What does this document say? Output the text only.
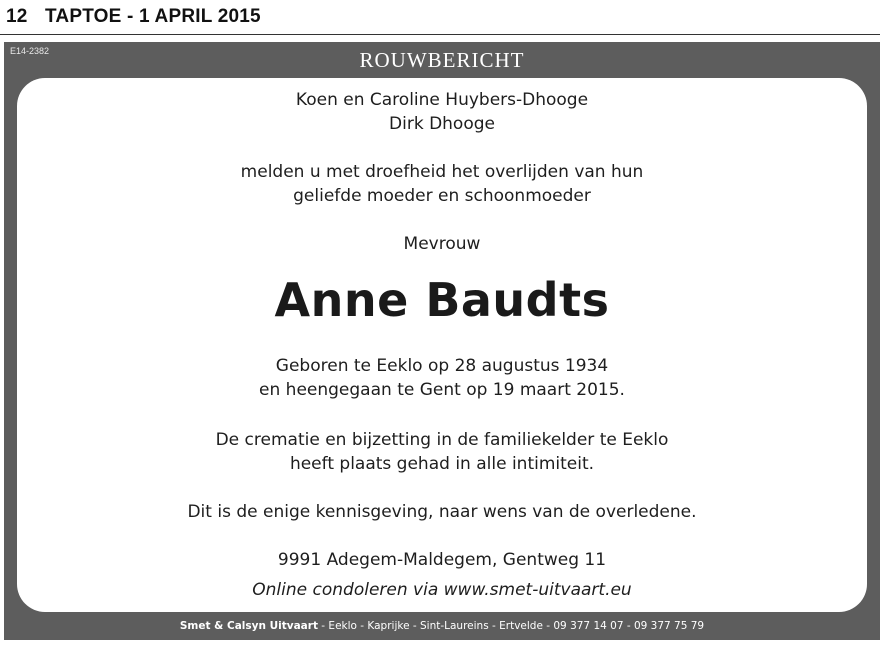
12 TAPTOE - 1 APRIL 2015
E14-2382	ROUWBERICHT
Koen en Caroline Huybers-Dhooge
Dirk Dhooge
melden u met droefheid het overlijden van hun
geliefde moeder en schoonmoeder
Mevrouw
Anne Baudts
Geboren te Eeklo op 28 augustus 1934
en heengegaan te Gent op 19 maart 2015.
De crematie en bijzetting in de familiekelder te Eeklo
heeft plaats gehad in alle intimiteit.
Dit is de enige kennisgeving, naar wens van de overledene.
9991 Adegem-Maldegem, Gentweg 11
Online condoleren via www.smet-uitvaart.eu
Smet & Calsyn Uitvaart - Eeklo - Kaprijke - Sint-Laureins - Ertvelde - 09 377 14 07 - 09 377 75 79
